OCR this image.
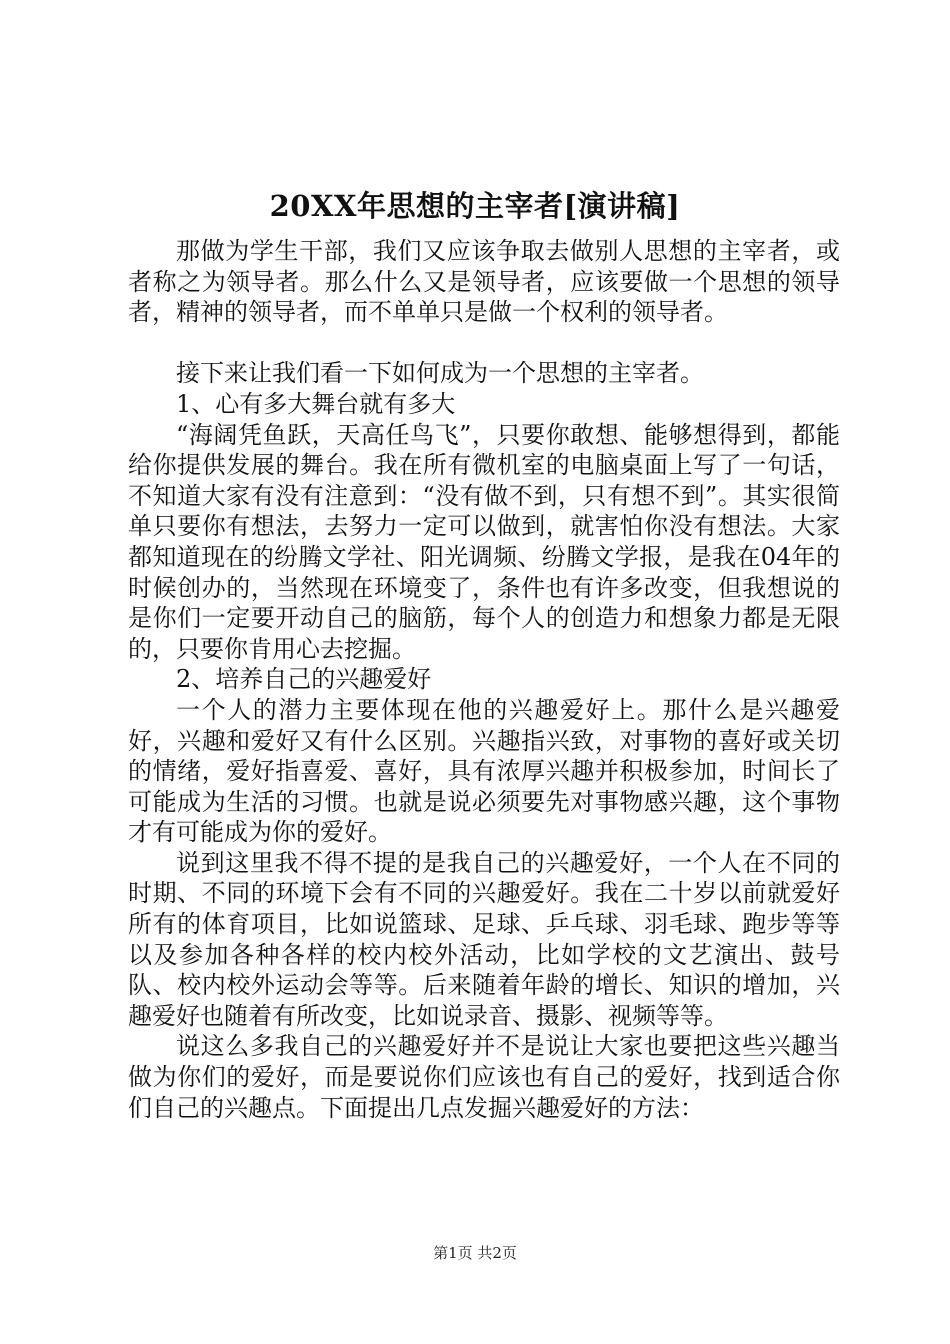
20XX年思想的主宰者[演讲稿]

那做为学生干部，我们又应该争取去做别人思想的主宰者，或者称之为领导者。那么什么又是领导者，应该要做一个思想的领导者，精神的领导者，而不单单只是做一个权利的领导者。

接下来让我们看一下如何成为一个思想的主宰者。

1、心有多大舞台就有多大

“海阔凭鱼跃，天高任鸟飞”，只要你敢想、能够想得到，都能给你提供发展的舞台。我在所有微机室的电脑桌面上写了一句话，不知道大家有没有注意到：“没有做不到，只有想不到”。其实很简单只要你有想法，去努力一定可以做到，就害怕你没有想法。大家都知道现在的纷腾文学社、阳光调频、纷腾文学报，是我在04年的时候创办的，当然现在环境变了，条件也有许多改变，但我想说的是你们一定要开动自己的脑筋，每个人的创造力和想象力都是无限的，只要你肯用心去挖掘。

2、培养自己的兴趣爱好

一个人的潜力主要体现在他的兴趣爱好上。那什么是兴趣爱好，兴趣和爱好又有什么区别。兴趣指兴致，对事物的喜好或关切的情绪，爱好指喜爱、喜好，具有浓厚兴趣并积极参加，时间长了可能成为生活的习惯。也就是说必须要先对事物感兴趣，这个事物才有可能成为你的爱好。

说到这里我不得不提的是我自己的兴趣爱好，一个人在不同的时期、不同的环境下会有不同的兴趣爱好。我在二十岁以前就爱好所有的体育项目，比如说篮球、足球、乒乓球、羽毛球、跑步等等以及参加各种各样的校内校外活动，比如学校的文艺演出、鼓号队、校内校外运动会等等。后来随着年龄的增长、知识的增加，兴趣爱好也随着有所改变，比如说录音、摄影、视频等等。

说这么多我自己的兴趣爱好并不是说让大家也要把这些兴趣当做为你们的爱好，而是要说你们应该也有自己的爱好，找到适合你们自己的兴趣点。下面提出几点发掘兴趣爱好的方法：

第1页 共2页
